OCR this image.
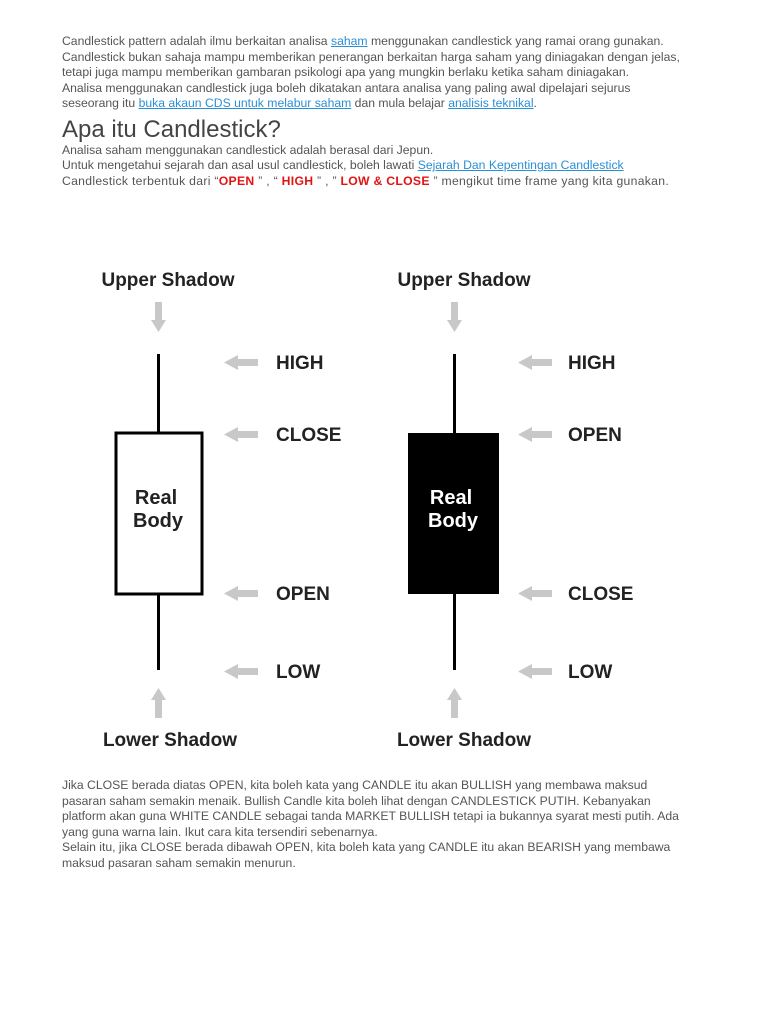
Candlestick pattern adalah ilmu berkaitan analisa saham menggunakan candlestick yang ramai orang gunakan.

Candlestick bukan sahaja mampu memberikan penerangan berkaitan harga saham yang diniagakan dengan jelas, tetapi juga mampu memberikan gambaran psikologi apa yang mungkin berlaku ketika saham diniagakan.

Analisa menggunakan candlestick juga boleh dikatakan antara analisa yang paling awal dipelajari sejurus seseorang itu buka akaun CDS untuk melabur saham dan mula belajar analisis teknikal.

Apa itu Candlestick?

Analisa saham menggunakan candlestick adalah berasal dari Jepun.

Untuk mengetahui sejarah dan asal usul candlestick, boleh lawati Sejarah Dan Kepentingan Candlestick

Candlestick terbentuk dari “OPEN ” , “ HIGH ” , ” LOW & CLOSE ” mengikut time frame yang kita gunakan.

Upper Shadow
Real
Body
HIGH
CLOSE
OPEN
LOW
Lower Shadow
Upper Shadow
Real
Body
HIGH
OPEN
CLOSE
LOW
Lower Shadow

Jika CLOSE berada diatas OPEN, kita boleh kata yang CANDLE itu akan BULLISH yang membawa maksud pasaran saham semakin menaik. Bullish Candle kita boleh lihat dengan CANDLESTICK PUTIH. Kebanyakan platform akan guna WHITE CANDLE sebagai tanda MARKET BULLISH tetapi ia bukannya syarat mesti putih. Ada yang guna warna lain. Ikut cara kita tersendiri sebenarnya.

Selain itu, jika CLOSE berada dibawah OPEN, kita boleh kata yang CANDLE itu akan BEARISH yang membawa maksud pasaran saham semakin menurun.
